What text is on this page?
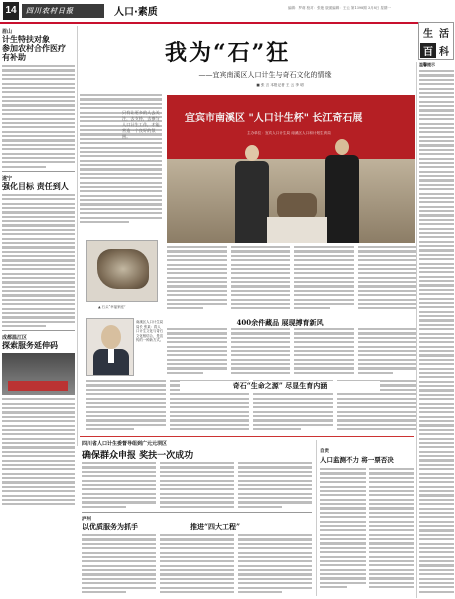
14	四川农村日报	人口·素质	编辑：罗莉 校对：张艳 版面编辑：王云 第1398期 3月8日 星期一
生 活
百 科
眉山
计生特扶对象
参加农村合作医疗
有补助
遂宁
强化目标 责任到人
成都温江区
探索服务延伸码
我为“石”狂
——宜宾南溪区人口计生与奇石文化的情缘
■ 张 言 本报记者 王 云 李 明
只有让更多的人去关注，去支持，去参与人口计生工作，才能营造一个良好的氛围。
宜宾市南溪区 "人口计生杯" 长江奇石展
主办单位：宜宾人口计生局 南溪区人口和计划生育局
▲ 石头“幸福家庭”
400余件藏品 展现搏育新风
南溪区人口计生局局长 张某：将人口计生文化与奇石文化相结合，是宣传的一种新方式。
奇石“生命之源” 尽显生育内涵
温馨提示
四川省人口计生委督导组到广元元坝区
确保群众申报 奖扶一次成功
泸州
以优质服务为抓手	推进“四大工程”
自贡
人口监测不力 将一票否决
